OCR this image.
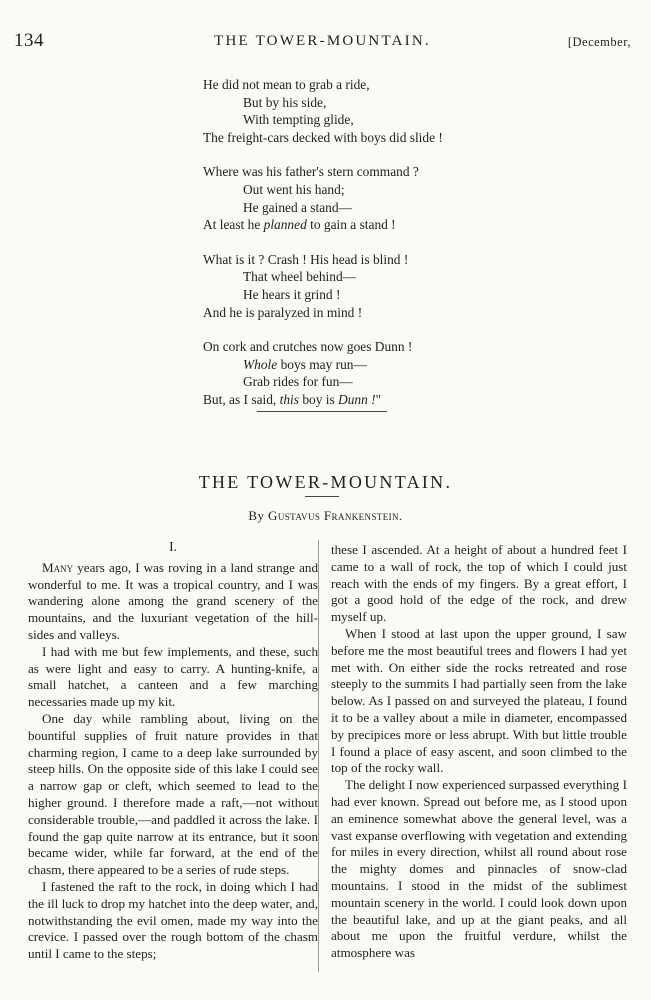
134	THE TOWER-MOUNTAIN.	[December,
He did not mean to grab a ride,
But by his side,
With tempting glide,
The freight-cars decked with boys did slide !
Where was his father's stern command ?
Out went his hand;
He gained a stand—
At least he planned to gain a stand !
What is it ? Crash ! His head is blind !
That wheel behind—
He hears it grind !
And he is paralyzed in mind !
On cork and crutches now goes Dunn !
Whole boys may run—
Grab rides for fun—
But, as I said, this boy is Dunn !"
THE TOWER-MOUNTAIN.
By Gustavus Frankenstein.
I.

Many years ago, I was roving in a land strange and wonderful to me. It was a tropical country, and I was wandering alone among the grand scenery of the mountains, and the luxuriant vegetation of the hill-sides and valleys.

I had with me but few implements, and these, such as were light and easy to carry. A hunting-knife, a small hatchet, a canteen and a few marching necessaries made up my kit.

One day while rambling about, living on the bountiful supplies of fruit nature provides in that charming region, I came to a deep lake surrounded by steep hills. On the opposite side of this lake I could see a narrow gap or cleft, which seemed to lead to the higher ground. I therefore made a raft,—not without considerable trouble,—and paddled it across the lake. I found the gap quite narrow at its entrance, but it soon became wider, while far forward, at the end of the chasm, there appeared to be a series of rude steps.

I fastened the raft to the rock, in doing which I had the ill luck to drop my hatchet into the deep water, and, notwithstanding the evil omen, made my way into the crevice. I passed over the rough bottom of the chasm until I came to the steps;

these I ascended. At a height of about a hundred feet I came to a wall of rock, the top of which I could just reach with the ends of my fingers. By a great effort, I got a good hold of the edge of the rock, and drew myself up.

When I stood at last upon the upper ground, I saw before me the most beautiful trees and flowers I had yet met with. On either side the rocks retreated and rose steeply to the summits I had partially seen from the lake below. As I passed on and surveyed the plateau, I found it to be a valley about a mile in diameter, encompassed by precipices more or less abrupt. With but little trouble I found a place of easy ascent, and soon climbed to the top of the rocky wall.

The delight I now experienced surpassed everything I had ever known. Spread out before me, as I stood upon an eminence somewhat above the general level, was a vast expanse overflowing with vegetation and extending for miles in every direction, whilst all round about rose the mighty domes and pinnacles of snow-clad mountains. I stood in the midst of the sublimest mountain scenery in the world. I could look down upon the beautiful lake, and up at the giant peaks, and all about me upon the fruitful verdure, whilst the atmosphere was
